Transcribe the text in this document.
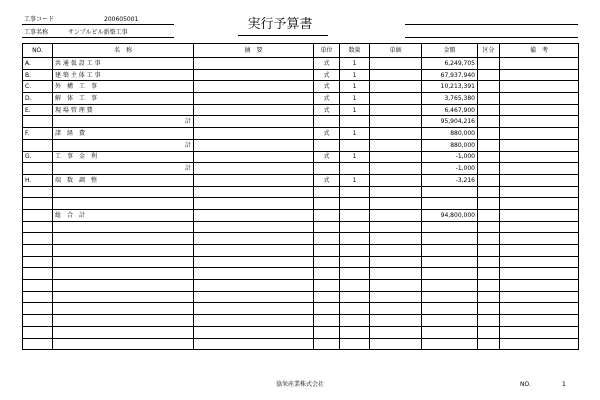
工事コード	200605001
工事名称	サンプルビル新築工事
実行予算書
NO.	名　称	摘　要	単位	数量	単価	金額	区分	備　考
A.	共 通 仮 設 工 事		式	1		6,249,705		
B.	建 築 主 体 工 事		式	1		67,937,940		
C.	外　構　工　事		式	1		10,213,391		
D.	解　体　工　事		式	1		3,765,380		
E.	現 場 管 理 費		式	1		6,467,900		
	計					95,904,216		
F.	諸　経　費		式	1		880,000		
	計					880,000		
G.	工　事　金　利		式	1		-1,000		
	計					-1,000		
H.	端　数　調　整		式	1		-3,216		

	総　合　計					94,800,000		

協栄産業株式会社	NO.	1
